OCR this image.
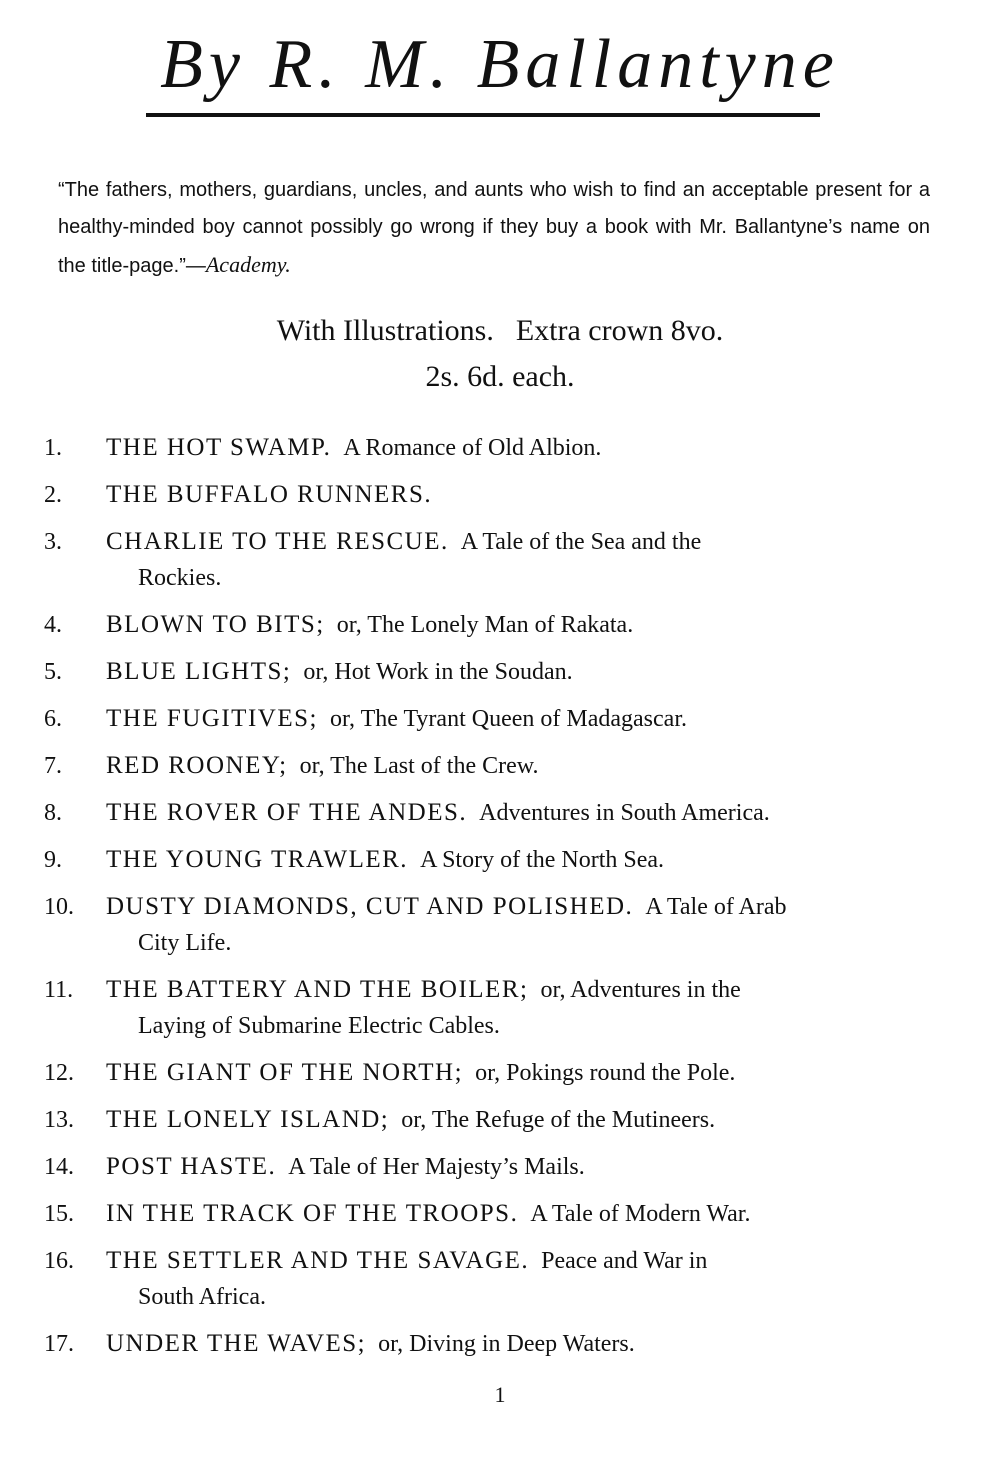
By R. M. Ballantyne

“The fathers, mothers, guardians, uncles, and aunts who wish to find an acceptable present for a healthy-minded boy cannot possibly go wrong if they buy a book with Mr. Ballantyne’s name on the title-page.”—Academy.

With Illustrations. Extra crown 8vo.
2s. 6d. each.
1.	THE HOT SWAMP. A Romance of Old Albion.
2.	THE BUFFALO RUNNERS.
3.	CHARLIE TO THE RESCUE. A Tale of the Sea and the
Rockies.
4.	BLOWN TO BITS; or, The Lonely Man of Rakata.
5.	BLUE LIGHTS; or, Hot Work in the Soudan.
6.	THE FUGITIVES; or, The Tyrant Queen of Madagascar.
7.	RED ROONEY; or, The Last of the Crew.
8.	THE ROVER OF THE ANDES. Adventures in South America.
9.	THE YOUNG TRAWLER. A Story of the North Sea.
10.	DUSTY DIAMONDS, CUT AND POLISHED. A Tale of Arab
City Life.
11.	THE BATTERY AND THE BOILER; or, Adventures in the
Laying of Submarine Electric Cables.
12.	THE GIANT OF THE NORTH; or, Pokings round the Pole.
13.	THE LONELY ISLAND; or, The Refuge of the Mutineers.
14.	POST HASTE. A Tale of Her Majesty’s Mails.
15.	IN THE TRACK OF THE TROOPS. A Tale of Modern War.
16.	THE SETTLER AND THE SAVAGE. Peace and War in
South Africa.
17.	UNDER THE WAVES; or, Diving in Deep Waters.
1
